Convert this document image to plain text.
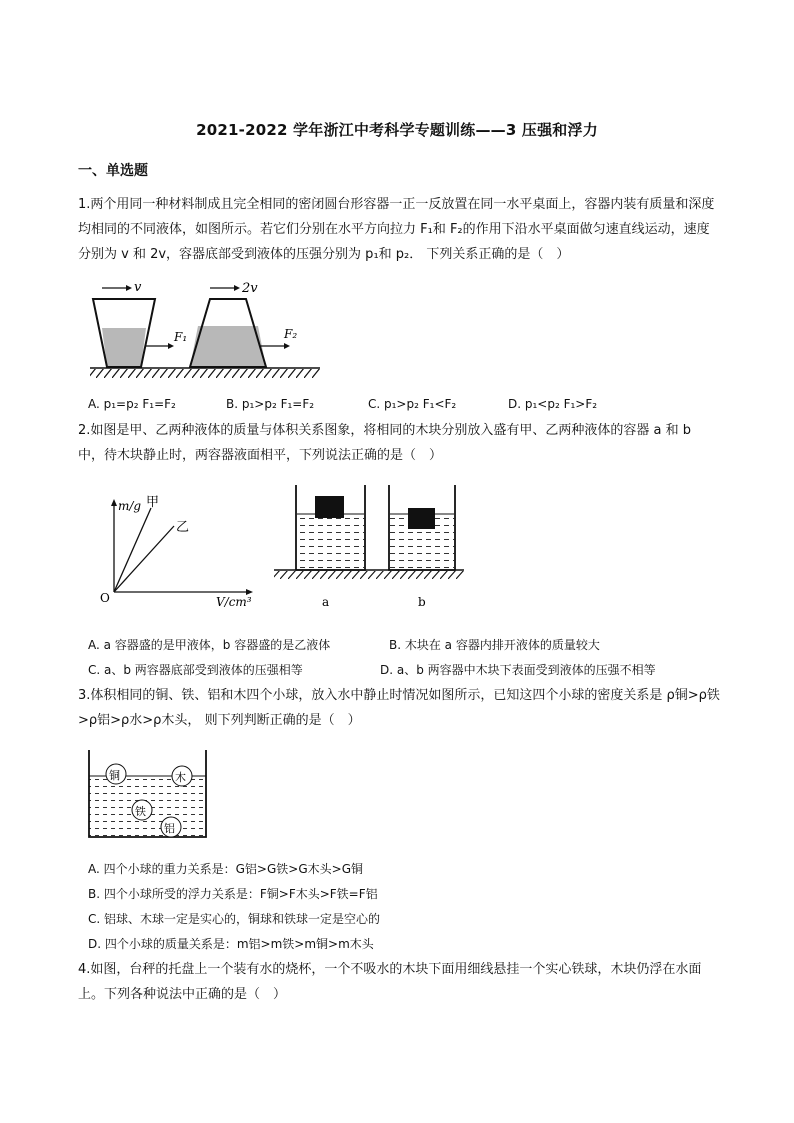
2021-2022 学年浙江中考科学专题训练——3 压强和浮力
一、单选题
1.两个用同一种材料制成且完全相同的密闭圆台形容器一正一反放置在同一水平桌面上，容器内装有质量和深度均相同的不同液体，如图所示。若它们分别在水平方向拉力 F₁和 F₂的作用下沿水平桌面做匀速直线运动，速度分别为 v 和 2v，容器底部受到液体的压强分别为 p₁和 p₂． 下列关系正确的是（　）
v
F₁
2v
F₂
A. p₁=p₂ F₁=F₂	B. p₁>p₂ F₁=F₂	C. p₁>p₂ F₁<F₂	D. p₁<p₂ F₁>F₂
2.如图是甲、乙两种液体的质量与体积关系图象，将相同的木块分别放入盛有甲、乙两种液体的容器 a 和 b 中，待木块静止时，两容器液面相平，下列说法正确的是（　）
m/g 甲
乙
O	V/cm³	a	b
A. a 容器盛的是甲液体，b 容器盛的是乙液体	B. 木块在 a 容器内排开液体的质量较大
C. a、b 两容器底部受到液体的压强相等	D. a、b 两容器中木块下表面受到液体的压强不相等
3.体积相同的铜、铁、铝和木四个小球，放入水中静止时情况如图所示，已知这四个小球的密度关系是 ρ铜>ρ铁>ρ铝>ρ水>ρ木头， 则下列判断正确的是（　）
铜	木
铁
铝
A. 四个小球的重力关系是：G铝>G铁>G木头>G铜
B. 四个小球所受的浮力关系是：F铜>F木头>F铁=F铝
C. 铝球、木球一定是实心的，铜球和铁球一定是空心的
D. 四个小球的质量关系是：m铝>m铁>m铜>m木头
4.如图，台秤的托盘上一个装有水的烧杯，一个不吸水的木块下面用细线悬挂一个实心铁球，木块仍浮在水面上。下列各种说法中正确的是（　）
